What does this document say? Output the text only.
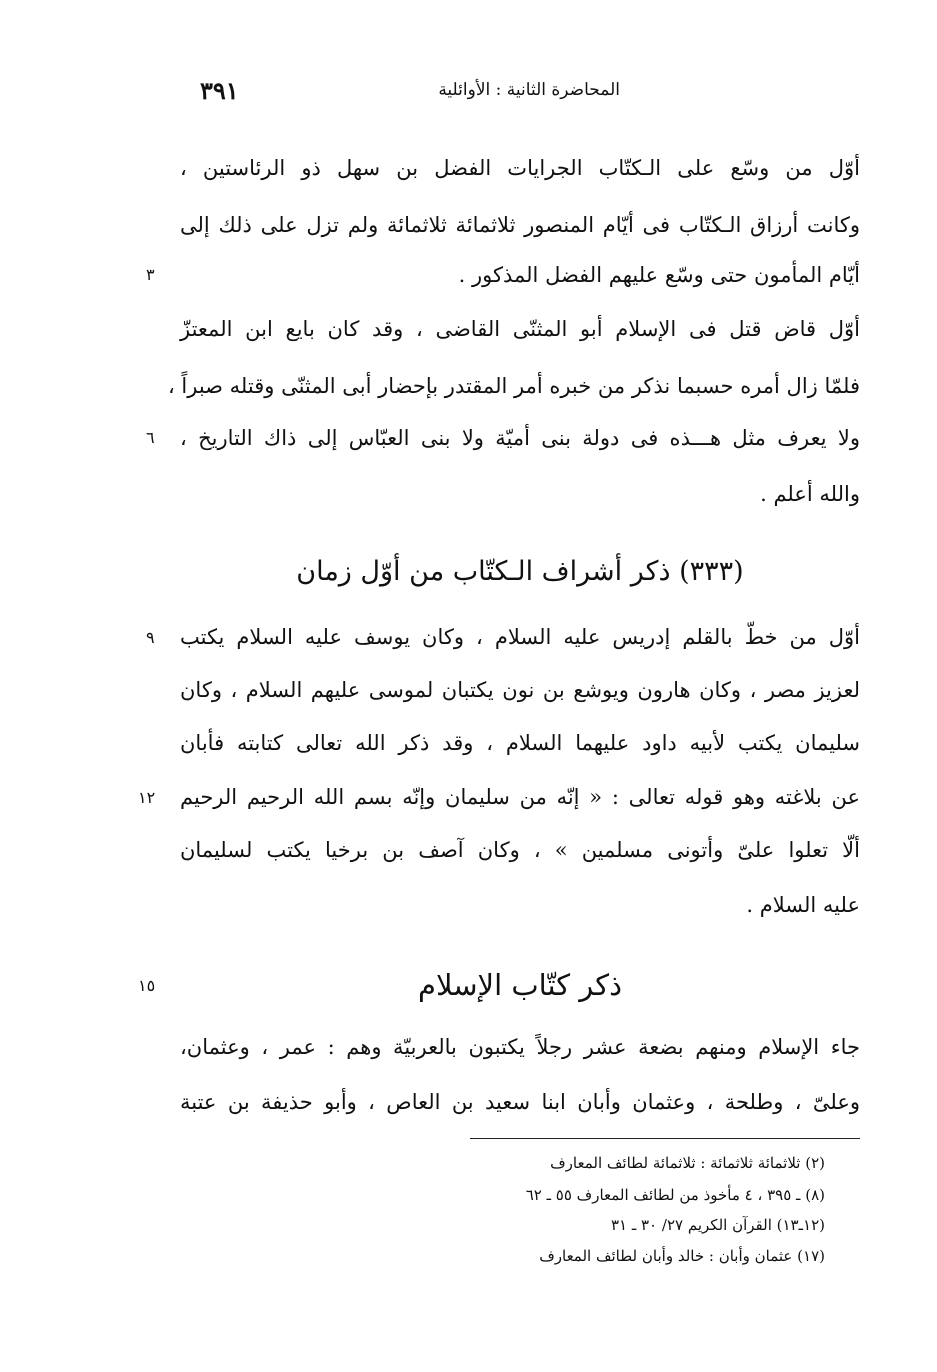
المحاضرة الثانية : الأوائلية
٣٩١
أوّل من وسّع على الـكتّاب الجرايات الفضل بن سهل ذو الرئاستين ،
وكانت أرزاق الـكتّاب فى أيّام المنصور ثلاثمائة ثلاثمائة ولم تزل على ذلك إلى
أيّام المأمون حتى وسّع عليهم الفضل المذكور .
أوّل قاض قتل فى الإسلام أبو المثنّى القاضى ، وقد كان بايع ابن المعتزّ
فلمّا زال أمره حسبما نذكر من خبره أمر المقتدر بإحضار أبى المثنّى وقتله صبراً ،
ولا يعرف مثل هـــذه فى دولة بنى أميّة ولا بنى العبّاس إلى ذاك التاريخ ،
والله أعلم .
(٣٣٣) ذكر أشراف الـكتّاب من أوّل زمان
أوّل من خطّ بالقلم إدريس عليه السلام ، وكان يوسف عليه السلام يكتب
لعزيز مصر ، وكان هارون ويوشع بن نون يكتبان لموسى عليهم السلام ، وكان
سليمان يكتب لأبيه داود عليهما السلام ، وقد ذكر الله تعالى كتابته فأبان
عن بلاغته وهو قوله تعالى : « إنّه من سليمان وإنّه بسم الله الرحيم الرحيم
ألّا تعلوا علىّ وأتونى مسلمين » ، وكان آصف بن برخيا يكتب لسليمان
عليه السلام .
ذكر كتّاب الإسلام
جاء الإسلام ومنهم بضعة عشر رجلاً يكتبون بالعربيّة وهم : عمر ، وعثمان،
وعلىّ ، وطلحة ، وعثمان وأبان ابنا سعيد بن العاص ، وأبو حذيفة بن عتبة
٣
٦
٩
١٢
١٥
(٢) ثلاثمائة ثلاثمائة : ثلاثمائة لطائف المعارف
(٨) ـ ٣٩٥ ، ٤ مأخوذ من لطائف المعارف ٥٥ ـ ٦٢
(١٢ـ١٣) القرآن الكريم ٢٧/ ٣٠ ـ ٣١
(١٧) عثمان وأبان : خالد وأبان لطائف المعارف
